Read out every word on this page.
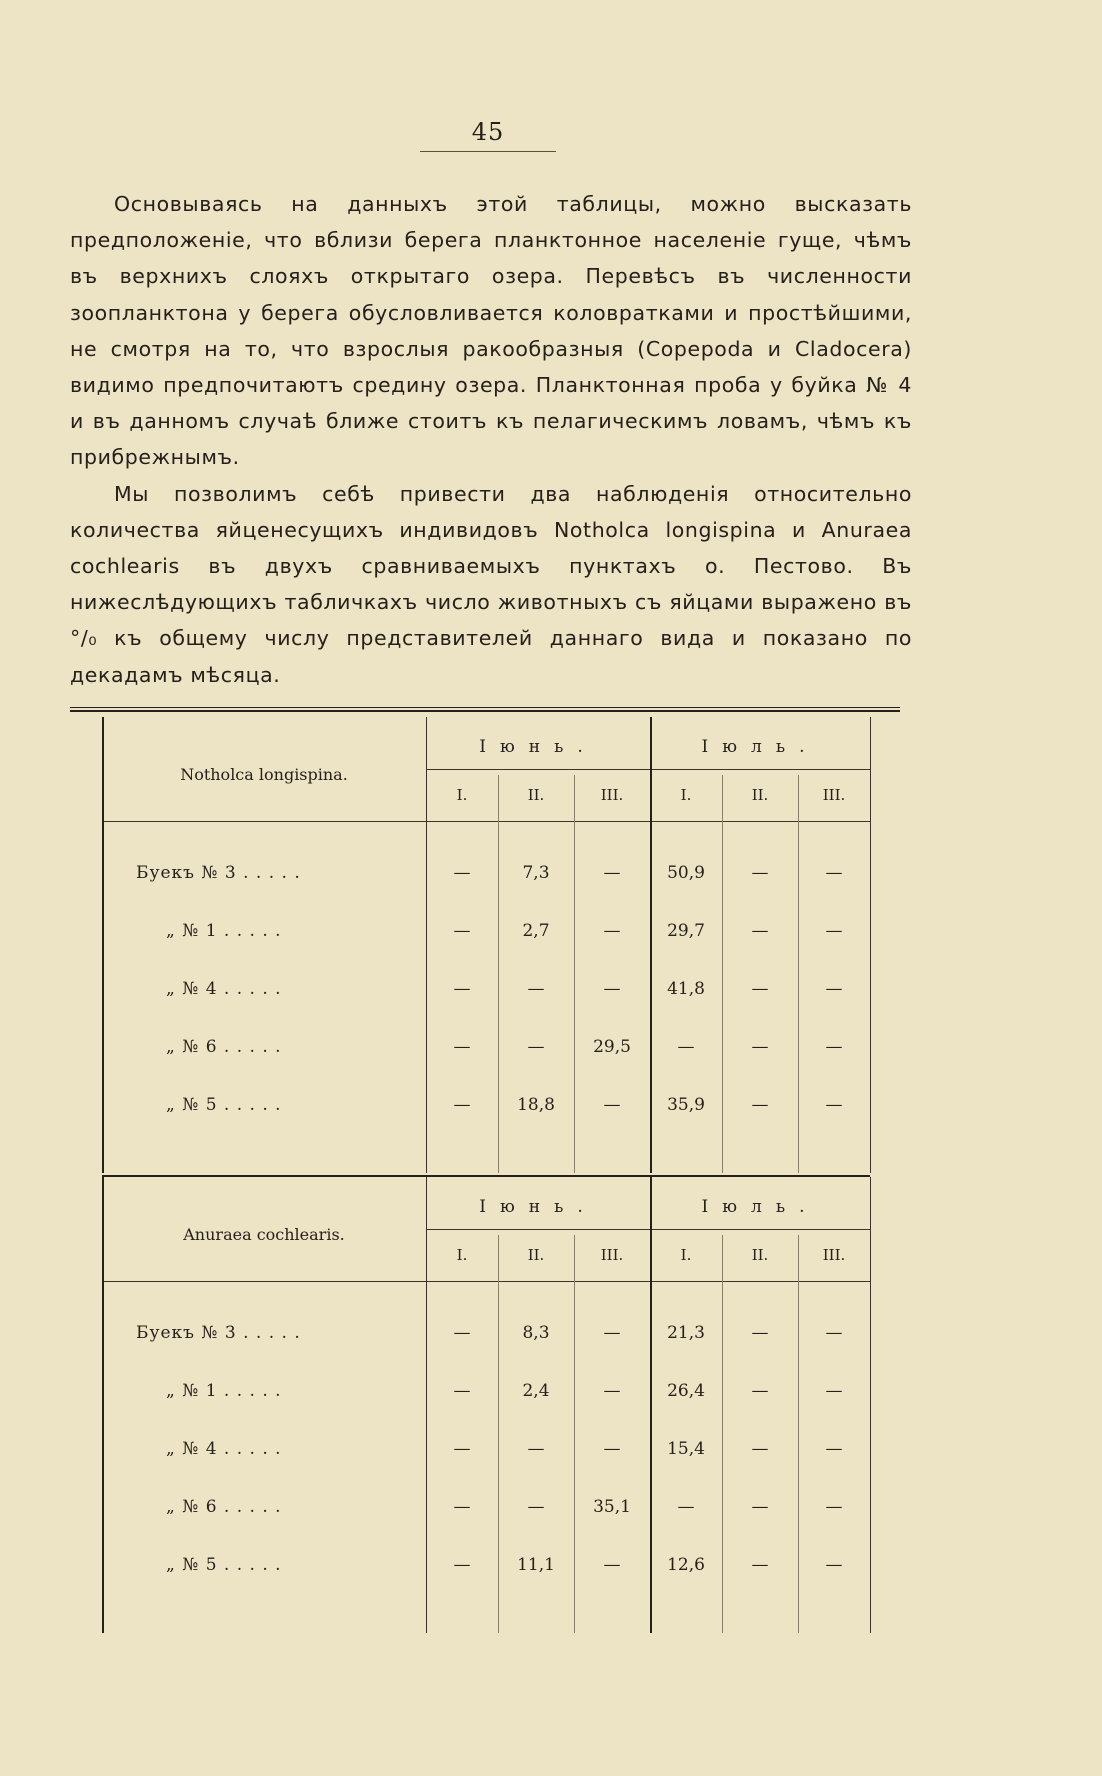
45

Основываясь на данныхъ этой таблицы, можно высказать предположенiе, что вблизи берега планктонное населенiе гуще, чѣмъ въ верхнихъ слояхъ открытаго озера. Перевѣсъ въ численности зоопланктона у берега обусловливается коловратками и простѣйшими, не смотря на то, что взрослыя ракообразныя (Copepoda и Cladocera) видимо предпочитаютъ средину озера. Планктонная проба у буйка № 4 и въ данномъ случаѣ ближе стоитъ къ пелагическимъ ловамъ, чѣмъ къ прибрежнымъ.

Мы позволимъ себѣ привести два наблюденiя относительно количества яйценесущихъ индивидовъ Notholca longispina и Anuraea cochlearis въ двухъ сравниваемыхъ пунктахъ о. Пестово. Въ нижеслѣдующихъ табличкахъ число животныхъ съ яйцами выражено въ °/₀ къ общему числу представителей даннаго вида и показано по декадамъ мѣсяца.

Notholca longispina.
Iюнь.	Iюль.
I.	II.	III.	I.	II.	III.
Буекъ № 3 . . . . .	—	7,3	—	50,9	—	—
„ № 1 . . . . .	—	2,7	—	29,7	—	—
„ № 4 . . . . .	—	—	—	41,8	—	—
„ № 6 . . . . .	—	—	29,5	—	—	—
„ № 5 . . . . .	—	18,8	—	35,9	—	—
Anuraea cochlearis.
Iюнь.	Iюль.
I.	II.	III.	I.	II.	III.
Буекъ № 3 . . . . .	—	8,3	—	21,3	—	—
„ № 1 . . . . .	—	2,4	—	26,4	—	—
„ № 4 . . . . .	—	—	—	15,4	—	—
„ № 6 . . . . .	—	—	35,1	—	—	—
„ № 5 . . . . .	—	11,1	—	12,6	—	—
